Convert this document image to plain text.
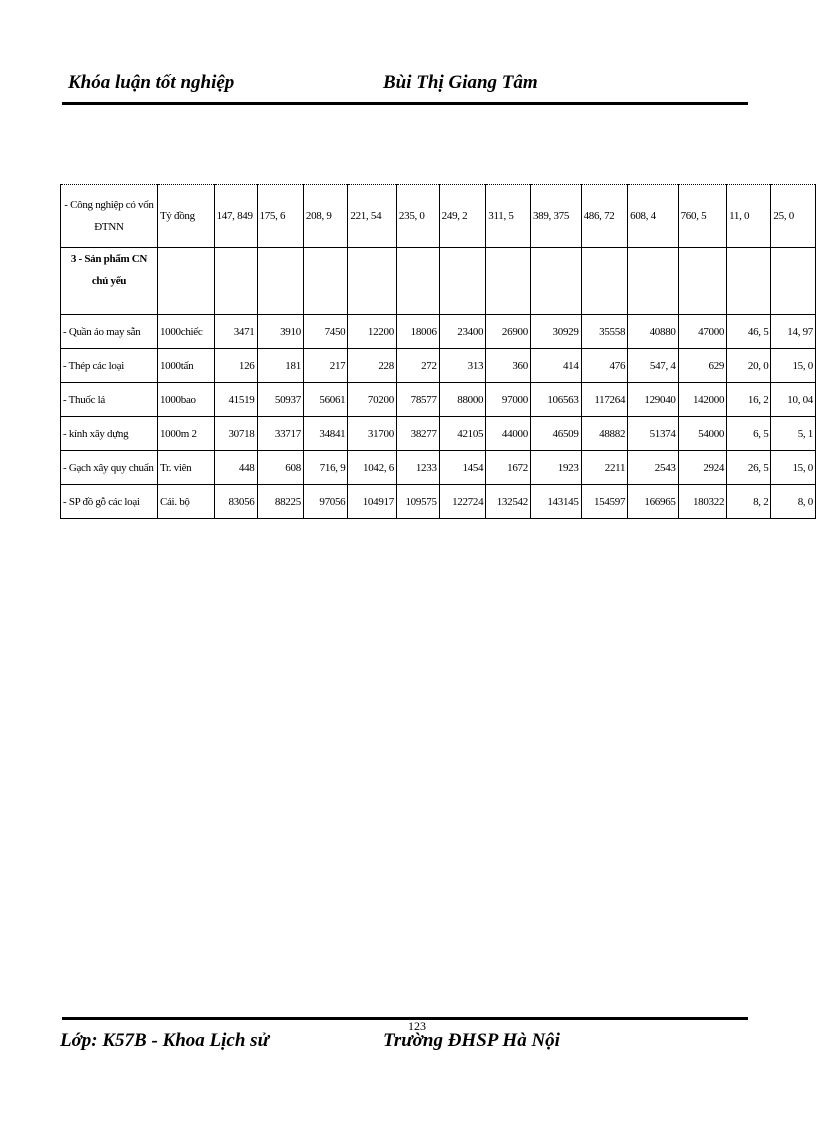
Khóa luận tốt nghiệp	Bùi Thị Giang Tâm
- Công nghiệp có vốn ĐTNN	Tỷ đồng	147, 849	175, 6	208, 9	221, 54	235, 0	249, 2	311, 5	389, 375	486, 72	608, 4	760, 5	11, 0	25, 0
3 - Sản phẩm CN chủ yếu														
- Quần áo may sẵn	1000chiếc	3471	3910	7450	12200	18006	23400	26900	30929	35558	40880	47000	46, 5	14, 97
- Thép các loại	1000tấn	126	181	217	228	272	313	360	414	476	547, 4	629	20, 0	15, 0
- Thuốc lá	1000bao	41519	50937	56061	70200	78577	88000	97000	106563	117264	129040	142000	16, 2	10, 04
- kính xây dựng	1000m 2	30718	33717	34841	31700	38277	42105	44000	46509	48882	51374	54000	6, 5	5, 1
- Gạch xây quy chuẩn	Tr. viên	448	608	716, 9	1042, 6	1233	1454	1672	1923	2211	2543	2924	26, 5	15, 0
- SP đồ gỗ các loại	Cái. bộ	83056	88225	97056	104917	109575	122724	132542	143145	154597	166965	180322	8, 2	8, 0
123
Lớp: K57B - Khoa Lịch sử	Trường ĐHSP Hà Nội
